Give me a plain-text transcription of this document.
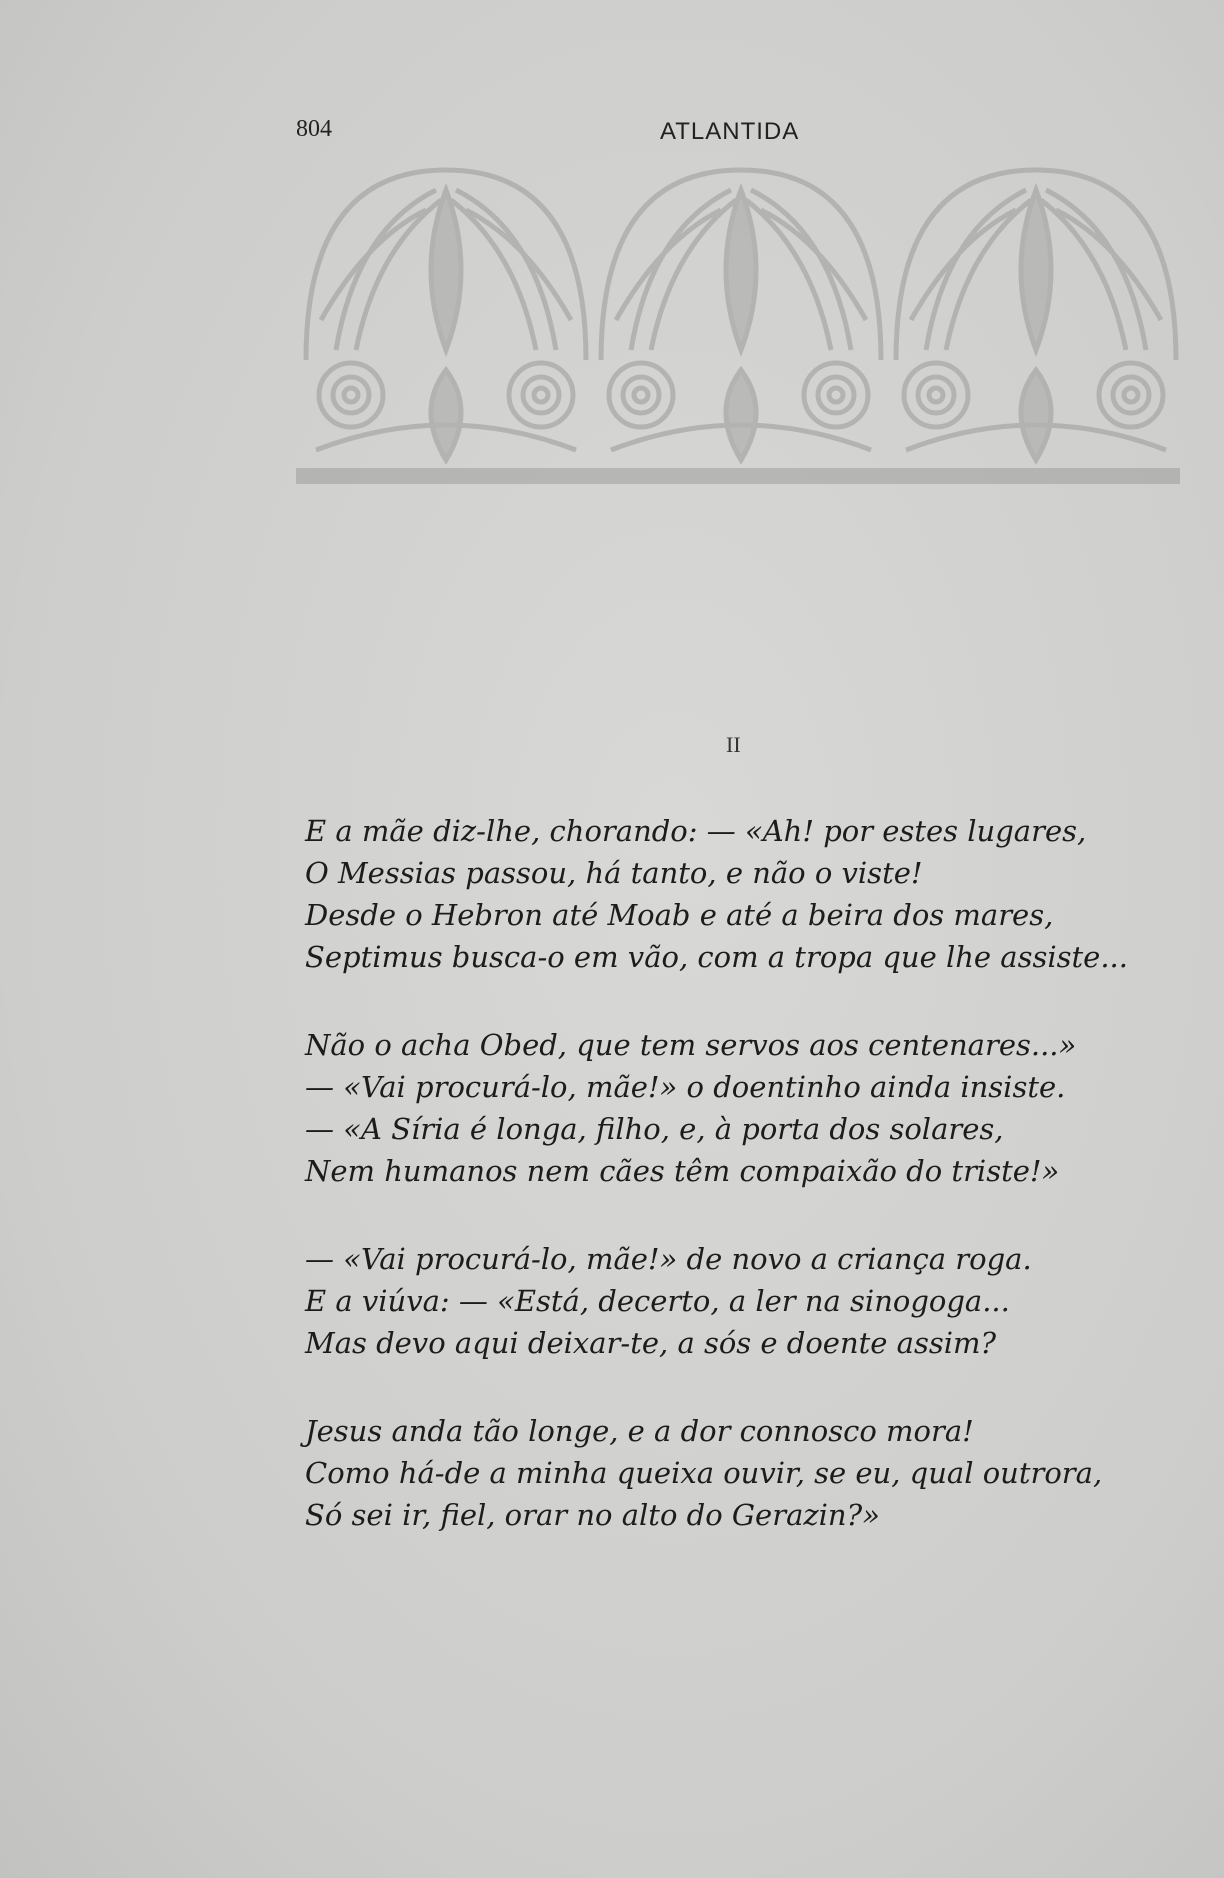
804	ATLANTIDA
II
E a mãe diz-lhe, chorando: — «Ah! por estes lugares,
O Messias passou, há tanto, e não o viste!
Desde o Hebron até Moab e até a beira dos mares,
Septimus busca-o em vão, com a tropa que lhe assiste...
Não o acha Obed, que tem servos aos centenares...»
— «Vai procurá-lo, mãe!» o doentinho ainda insiste.
— «A Síria é longa, filho, e, à porta dos solares,
Nem humanos nem cães têm compaixão do triste!»
— «Vai procurá-lo, mãe!» de novo a criança roga.
E a viúva: — «Está, decerto, a ler na sinogoga...
Mas devo aqui deixar-te, a sós e doente assim?
Jesus anda tão longe, e a dor connosco mora!
Como há-de a minha queixa ouvir, se eu, qual outrora,
Só sei ir, fiel, orar no alto do Gerazin?»
